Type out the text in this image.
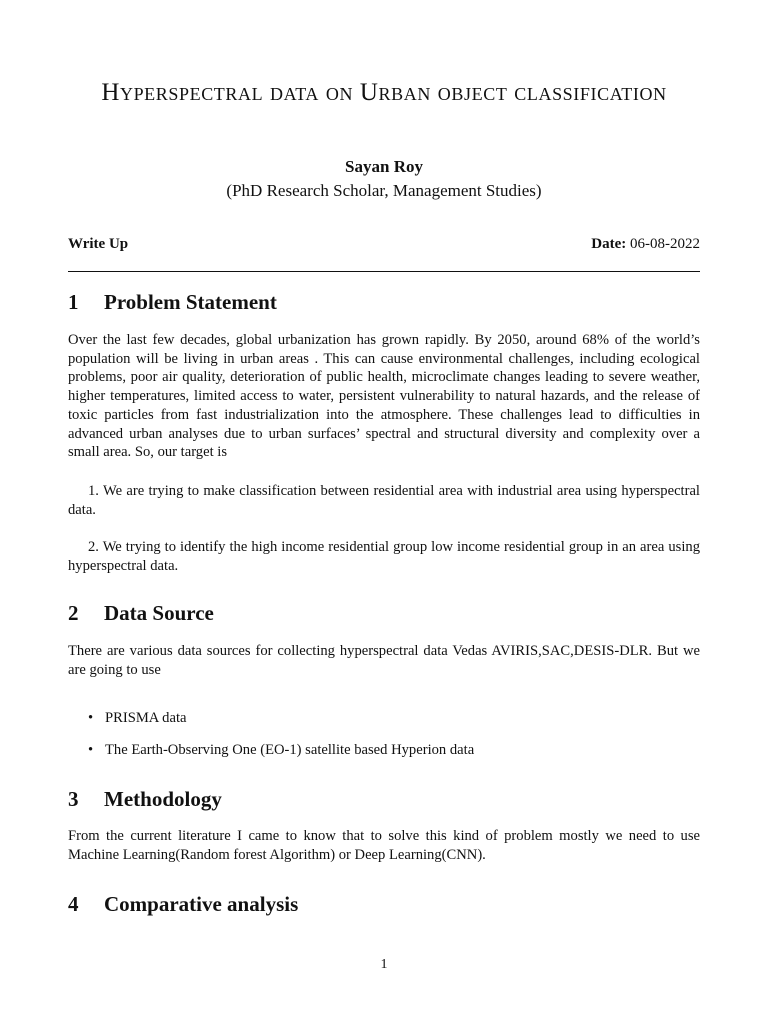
Hyperspectral data on Urban object classification
Sayan Roy
(PhD Research Scholar, Management Studies)
Write Up	Date: 06-08-2022
1 Problem Statement

Over the last few decades, global urbanization has grown rapidly. By 2050, around 68% of the world’s population will be living in urban areas . This can cause environmental challenges, including ecological problems, poor air quality, deterioration of public health, microclimate changes leading to severe weather, higher temperatures, limited access to water, persistent vulnerability to natural hazards, and the release of toxic particles from fast industrialization into the atmosphere. These challenges lead to difficulties in advanced urban analyses due to urban surfaces’ spectral and structural diversity and complexity over a small area. So, our target is

1. We are trying to make classification between residential area with industrial area using hyperspectral data.

2. We trying to identify the high income residential group low income residential group in an area using hyperspectral data.

2 Data Source

There are various data sources for collecting hyperspectral data Vedas AVIRIS,SAC,DESIS-DLR. But we are going to use

• PRISMA data

• The Earth-Observing One (EO-1) satellite based Hyperion data

3 Methodology

From the current literature I came to know that to solve this kind of problem mostly we need to use Machine Learning(Random forest Algorithm) or Deep Learning(CNN).

4 Comparative analysis
1
